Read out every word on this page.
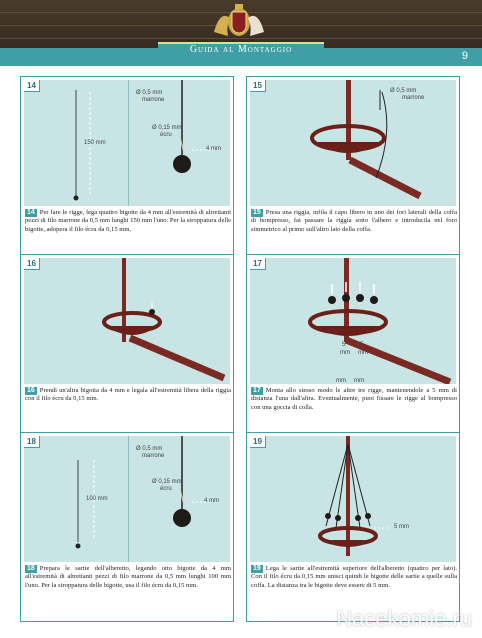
Guida al Montaggio
9
14
150 mm
Ø 0,5 mm
marrone
Ø 0,15 mm
écru
4 mm
14 Per fare le rigge, lega quattro bigotte da 4 mm all'estremità di altrettanti pezzi di filo marrone da 0,5 mm lunghi 150 mm l'uno. Per la stroppatura delle bigotte, adopera il filo écru da 0,15 mm.
15
Ø 0,5 mm
marrone
15 Presa una riggia, infila il capo libero in uno dei fori laterali della coffa di bompresso, fai passare la riggia sotto l'albero e introducila nel foro simmetrico al primo sull'altro lato della coffa.
16
16 Prendi un'altra bigotta da 4 mm e legala all'estremità libera della riggia con il filo écru da 0,15 mm.
17
5
mm
5
mm
mm mm
17 Monta allo stesso modo le altre tre rigge, mantenendole a 5 mm di distanza l'una dall'altra. Eventualmente, puoi fissare le rigge al bompresso con una goccia di colla.
18
100 mm
Ø 0,5 mm
marrone
Ø 0,15 mm
écru
4 mm
18 Prepara le sartie dell'alberetto, legando otto bigotte da 4 mm all'estremità di altrettanti pezzi di filo marrone da 0,5 mm lunghi 100 mm l'uno. Per la stroppatura delle bigotte, usa il filo écru da 0,15 mm.
19
5 mm
19 Lega le sartie all'estremità superiore dell'alberetto (quattro per lato). Con il filo écru da 0,15 mm unisci quindi le bigotte delle sartie a quelle sulla coffa. La distanza tra le bigotte deve essere di 5 mm.
Nacekomie.ru
